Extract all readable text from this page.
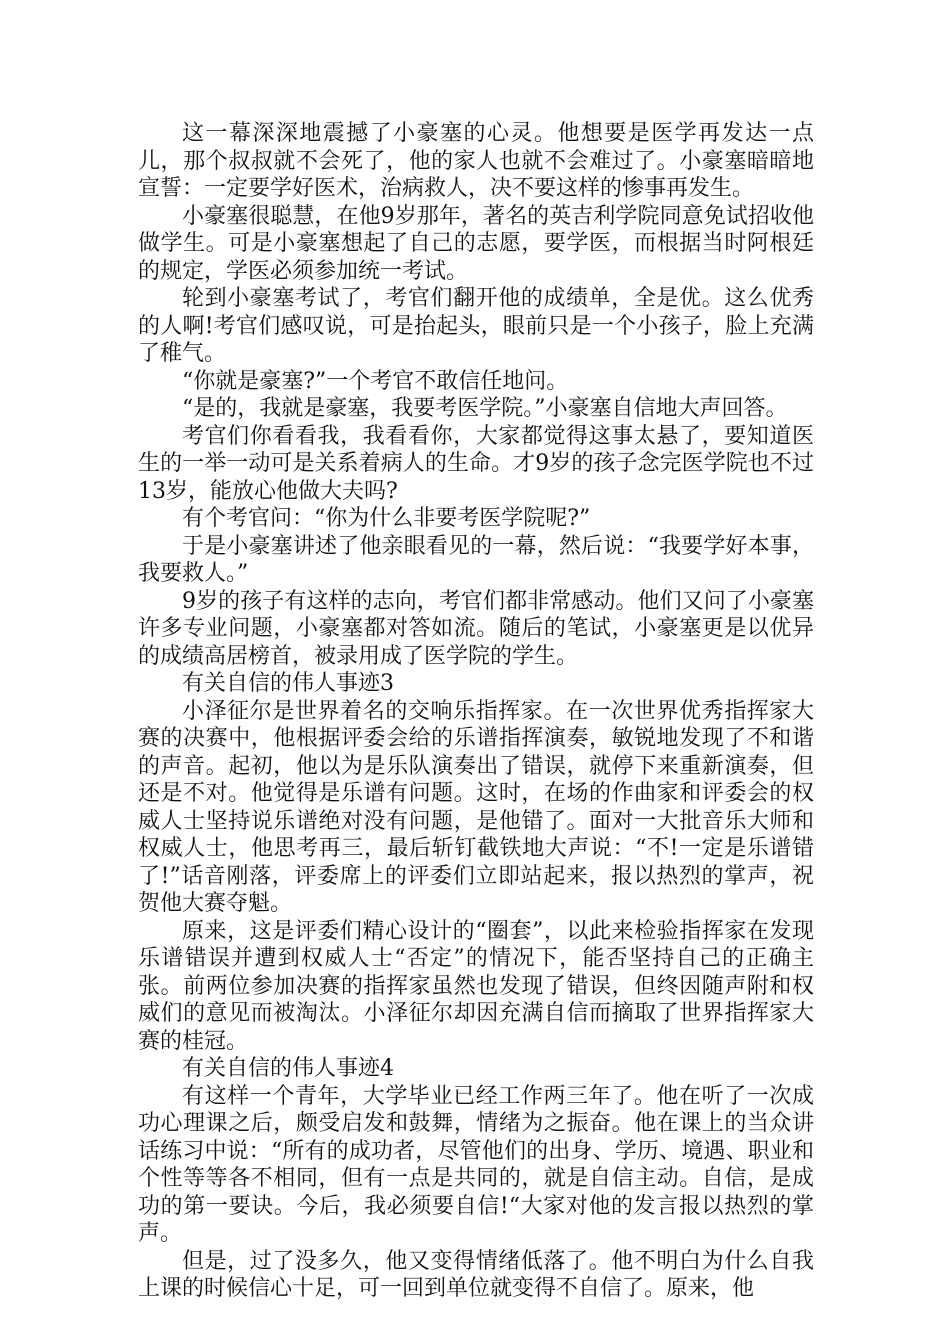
这一幕深深地震撼了小豪塞的心灵。他想要是医学再发达一点儿，那个叔叔就不会死了，他的家人也就不会难过了。小豪塞暗暗地宣誓：一定要学好医术，治病救人，决不要这样的惨事再发生。

小豪塞很聪慧，在他9岁那年，著名的英吉利学院同意免试招收他做学生。可是小豪塞想起了自己的志愿，要学医，而根据当时阿根廷的规定，学医必须参加统一考试。

轮到小豪塞考试了，考官们翻开他的成绩单，全是优。这么优秀的人啊!考官们感叹说，可是抬起头，眼前只是一个小孩子，脸上充满了稚气。

“你就是豪塞?”一个考官不敢信任地问。

“是的，我就是豪塞，我要考医学院。”小豪塞自信地大声回答。

考官们你看看我，我看看你，大家都觉得这事太悬了，要知道医生的一举一动可是关系着病人的生命。才9岁的孩子念完医学院也不过13岁，能放心他做大夫吗?

有个考官问：“你为什么非要考医学院呢?”

于是小豪塞讲述了他亲眼看见的一幕，然后说：“我要学好本事，我要救人。”

9岁的孩子有这样的志向，考官们都非常感动。他们又问了小豪塞许多专业问题，小豪塞都对答如流。随后的笔试，小豪塞更是以优异的成绩高居榜首，被录用成了医学院的学生。

有关自信的伟人事迹3

小泽征尔是世界着名的交响乐指挥家。在一次世界优秀指挥家大赛的决赛中，他根据评委会给的乐谱指挥演奏，敏锐地发现了不和谐的声音。起初，他以为是乐队演奏出了错误，就停下来重新演奏，但还是不对。他觉得是乐谱有问题。这时，在场的作曲家和评委会的权威人士坚持说乐谱绝对没有问题，是他错了。面对一大批音乐大师和权威人士，他思考再三，最后斩钉截铁地大声说：“不!一定是乐谱错了!”话音刚落，评委席上的评委们立即站起来，报以热烈的掌声，祝贺他大赛夺魁。

原来，这是评委们精心设计的“圈套”，以此来检验指挥家在发现乐谱错误并遭到权威人士“否定”的情况下，能否坚持自己的正确主张。前两位参加决赛的指挥家虽然也发现了错误，但终因随声附和权威们的意见而被淘汰。小泽征尔却因充满自信而摘取了世界指挥家大赛的桂冠。

有关自信的伟人事迹4

有这样一个青年，大学毕业已经工作两三年了。他在听了一次成功心理课之后，颇受启发和鼓舞，情绪为之振奋。他在课上的当众讲话练习中说：“所有的成功者，尽管他们的出身、学历、境遇、职业和个性等等各不相同，但有一点是共同的，就是自信主动。自信，是成功的第一要诀。今后，我必须要自信!“大家对他的发言报以热烈的掌声。

但是，过了没多久，他又变得情绪低落了。他不明白为什么自我上课的时候信心十足，可一回到单位就变得不自信了。原来，他
